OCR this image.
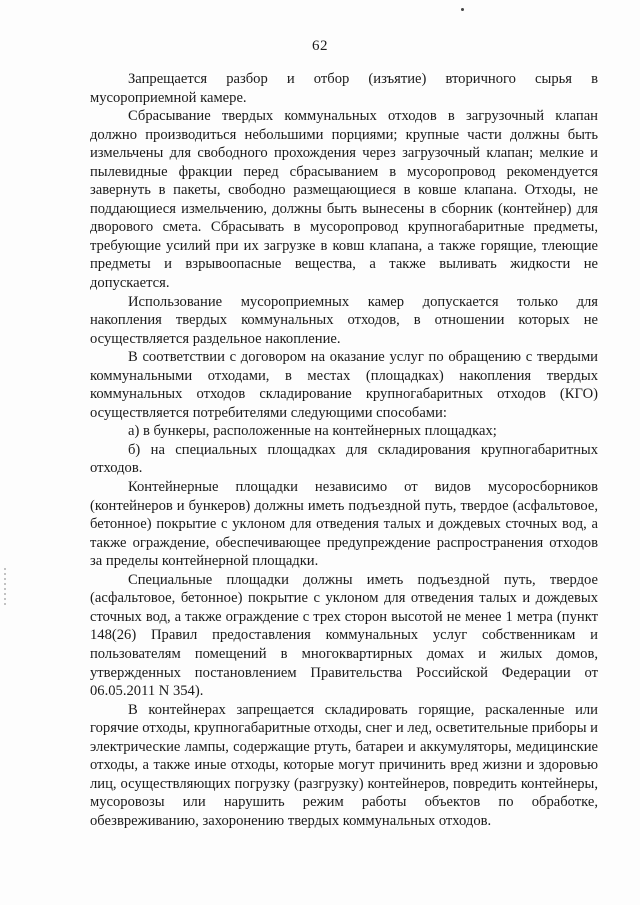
62

Запрещается разбор и отбор (изъятие) вторичного сырья в мусороприемной камере.

Сбрасывание твердых коммунальных отходов в загрузочный клапан должно производиться небольшими порциями; крупные части должны быть измельчены для свободного прохождения через загрузочный клапан; мелкие и пылевидные фракции перед сбрасыванием в мусоропровод рекомендуется завернуть в пакеты, свободно размещающиеся в ковше клапана. Отходы, не поддающиеся измельчению, должны быть вынесены в сборник (контейнер) для дворового смета. Сбрасывать в мусоропровод крупногабаритные предметы, требующие усилий при их загрузке в ковш клапана, а также горящие, тлеющие предметы и взрывоопасные вещества, а также выливать жидкости не допускается.

Использование мусороприемных камер допускается только для накопления твердых коммунальных отходов, в отношении которых не осуществляется раздельное накопление.

В соответствии с договором на оказание услуг по обращению с твердыми коммунальными отходами, в местах (площадках) накопления твердых коммунальных отходов складирование крупногабаритных отходов (КГО) осуществляется потребителями следующими способами:

а) в бункеры, расположенные на контейнерных площадках;

б) на специальных площадках для складирования крупногабаритных отходов.

Контейнерные площадки независимо от видов мусоросборников (контейнеров и бункеров) должны иметь подъездной путь, твердое (асфальтовое, бетонное) покрытие с уклоном для отведения талых и дождевых сточных вод, а также ограждение, обеспечивающее предупреждение распространения отходов за пределы контейнерной площадки.

Специальные площадки должны иметь подъездной путь, твердое (асфальтовое, бетонное) покрытие с уклоном для отведения талых и дождевых сточных вод, а также ограждение с трех сторон высотой не менее 1 метра (пункт 148(26) Правил предоставления коммунальных услуг собственникам и пользователям помещений в многоквартирных домах и жилых домов, утвержденных постановлением Правительства Российской Федерации от 06.05.2011 N 354).

В контейнерах запрещается складировать горящие, раскаленные или горячие отходы, крупногабаритные отходы, снег и лед, осветительные приборы и электрические лампы, содержащие ртуть, батареи и аккумуляторы, медицинские отходы, а также иные отходы, которые могут причинить вред жизни и здоровью лиц, осуществляющих погрузку (разгрузку) контейнеров, повредить контейнеры, мусоровозы или нарушить режим работы объектов по обработке, обезвреживанию, захоронению твердых коммунальных отходов.
